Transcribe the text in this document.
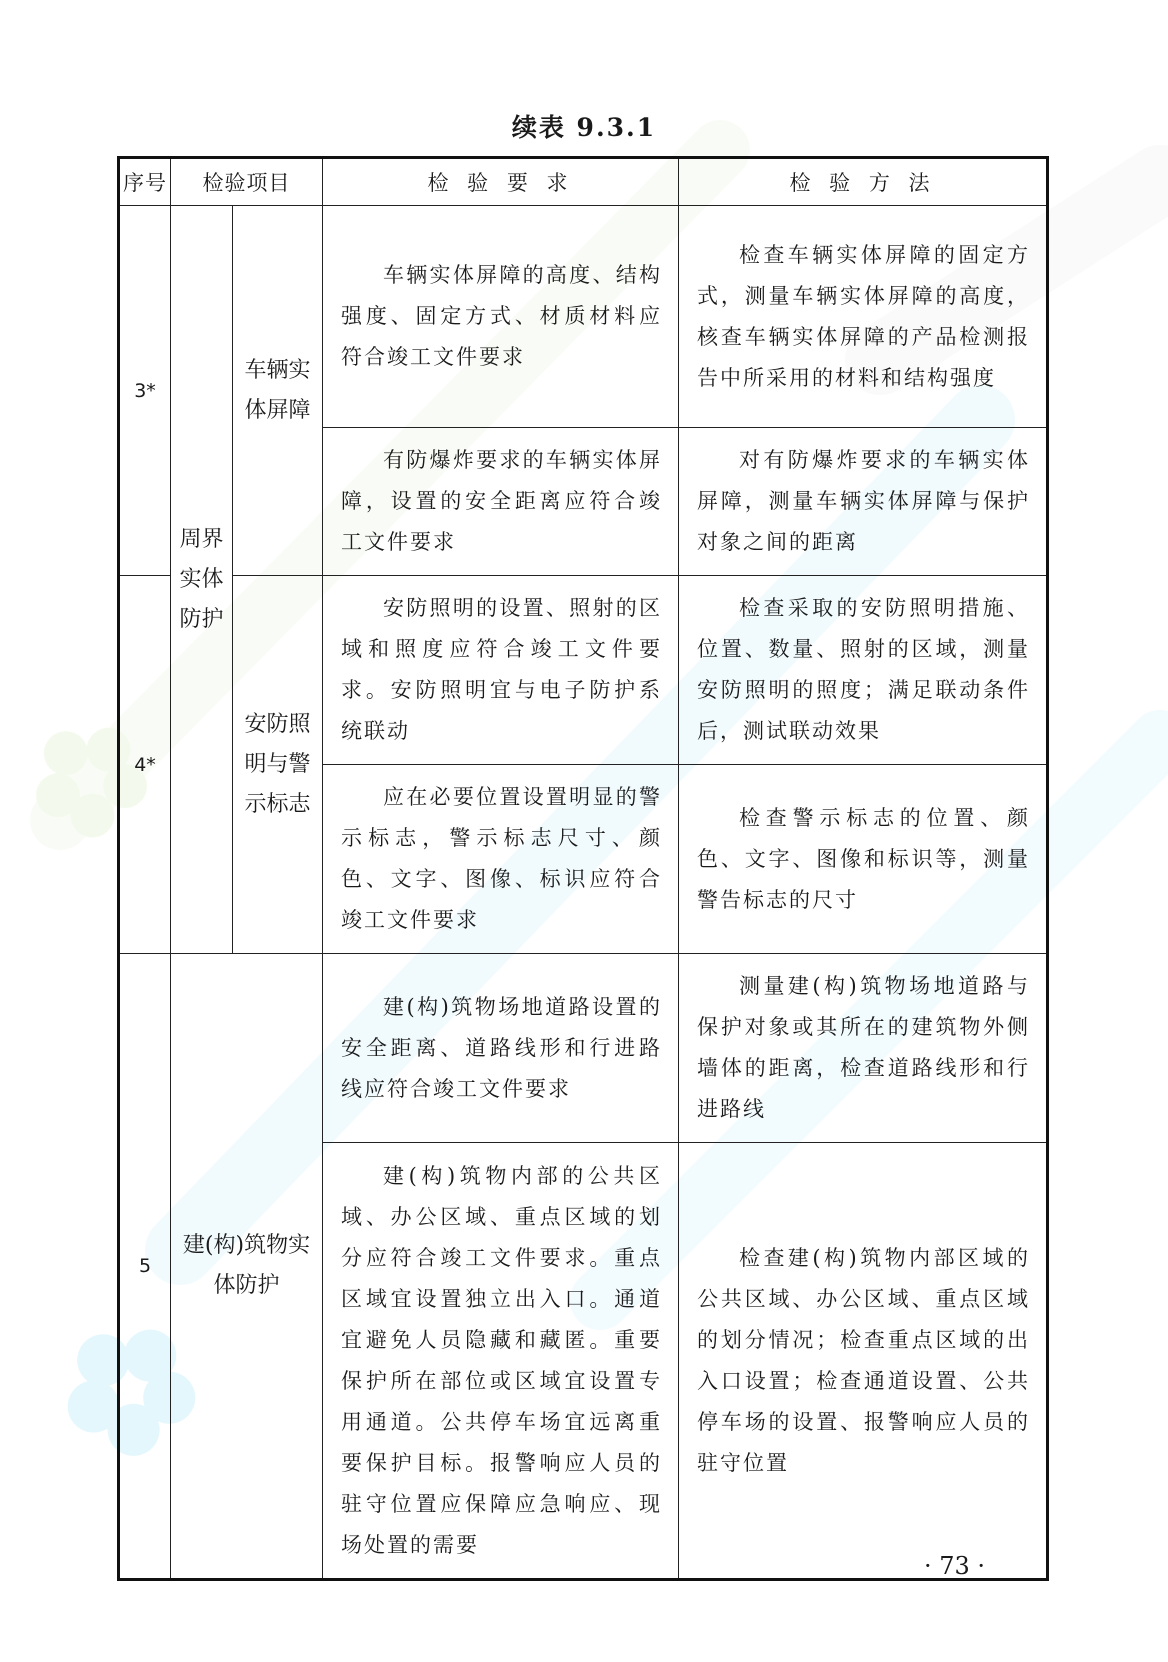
续表 9.3.1
序号	检验项目		检 验 要 求	检 验 方 法
3*	周界实体防护	车辆实体屏障	车辆实体屏障的高度、结构强度、固定方式、材质材料应符合竣工文件要求	检查车辆实体屏障的固定方式，测量车辆实体屏障的高度，核查车辆实体屏障的产品检测报告中所采用的材料和结构强度
			有防爆炸要求的车辆实体屏障，设置的安全距离应符合竣工文件要求	对有防爆炸要求的车辆实体屏障，测量车辆实体屏障与保护对象之间的距离
4*		安防照明与警示标志	安防照明的设置、照射的区域和照度应符合竣工文件要求。安防照明宜与电子防护系统联动	检查采取的安防照明措施、位置、数量、照射的区域，测量安防照明的照度；满足联动条件后，测试联动效果
			应在必要位置设置明显的警示标志，警示标志尺寸、颜色、文字、图像、标识应符合竣工文件要求	检查警示标志的位置、颜色、文字、图像和标识等，测量警告标志的尺寸
5	建(构)筑物实体防护		建(构)筑物场地道路设置的安全距离、道路线形和行进路线应符合竣工文件要求	测量建(构)筑物场地道路与保护对象或其所在的建筑物外侧墙体的距离，检查道路线形和行进路线
			建(构)筑物内部的公共区域、办公区域、重点区域的划分应符合竣工文件要求。重点区域宜设置独立出入口。通道宜避免人员隐藏和藏匿。重要保护所在部位或区域宜设置专用通道。公共停车场宜远离重要保护目标。报警响应人员的驻守位置应保障应急响应、现场处置的需要	检查建(构)筑物内部区域的公共区域、办公区域、重点区域的划分情况；检查重点区域的出入口设置；检查通道设置、公共停车场的设置、报警响应人员的驻守位置
· 73 ·
